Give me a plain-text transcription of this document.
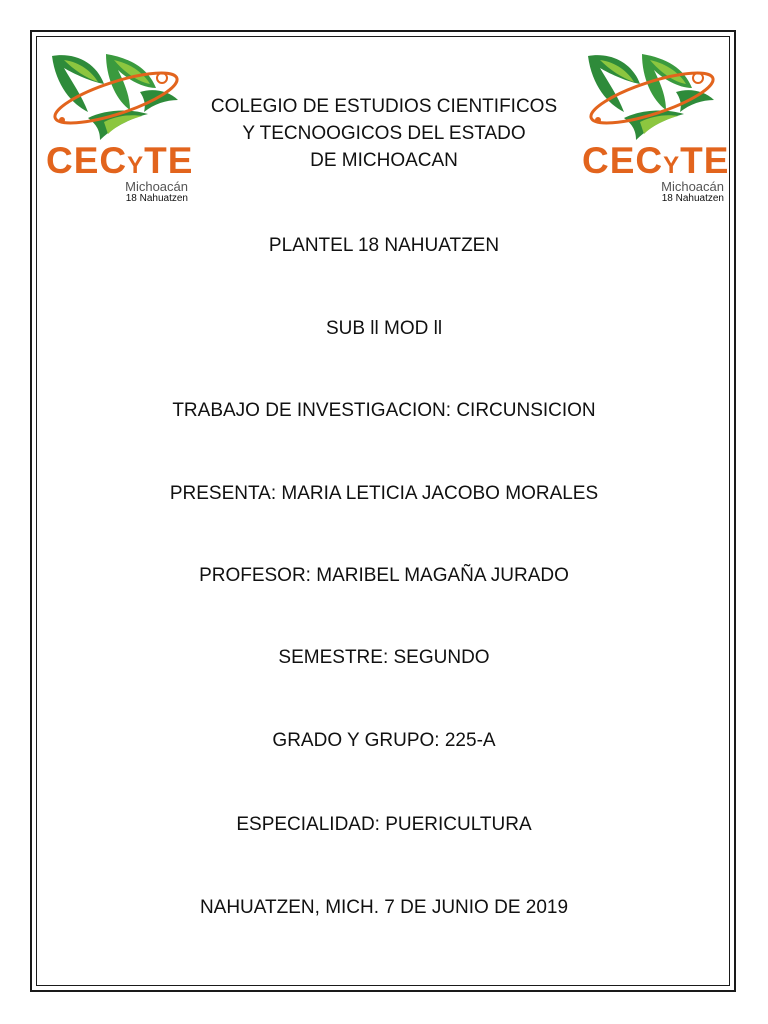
CECYTE
Michoacán
18 Nahuatzen
CECYTE
Michoacán
18 Nahuatzen
COLEGIO DE ESTUDIOS CIENTIFICOS
Y TECNOOGICOS DEL ESTADO
DE MICHOACAN
PLANTEL 18 NAHUATZEN
SUB ll MOD ll
TRABAJO DE INVESTIGACION: CIRCUNSICION
PRESENTA: MARIA LETICIA JACOBO MORALES
PROFESOR: MARIBEL MAGAÑA JURADO
SEMESTRE: SEGUNDO
GRADO Y GRUPO: 225-A
ESPECIALIDAD: PUERICULTURA
NAHUATZEN, MICH. 7 DE JUNIO DE 2019
